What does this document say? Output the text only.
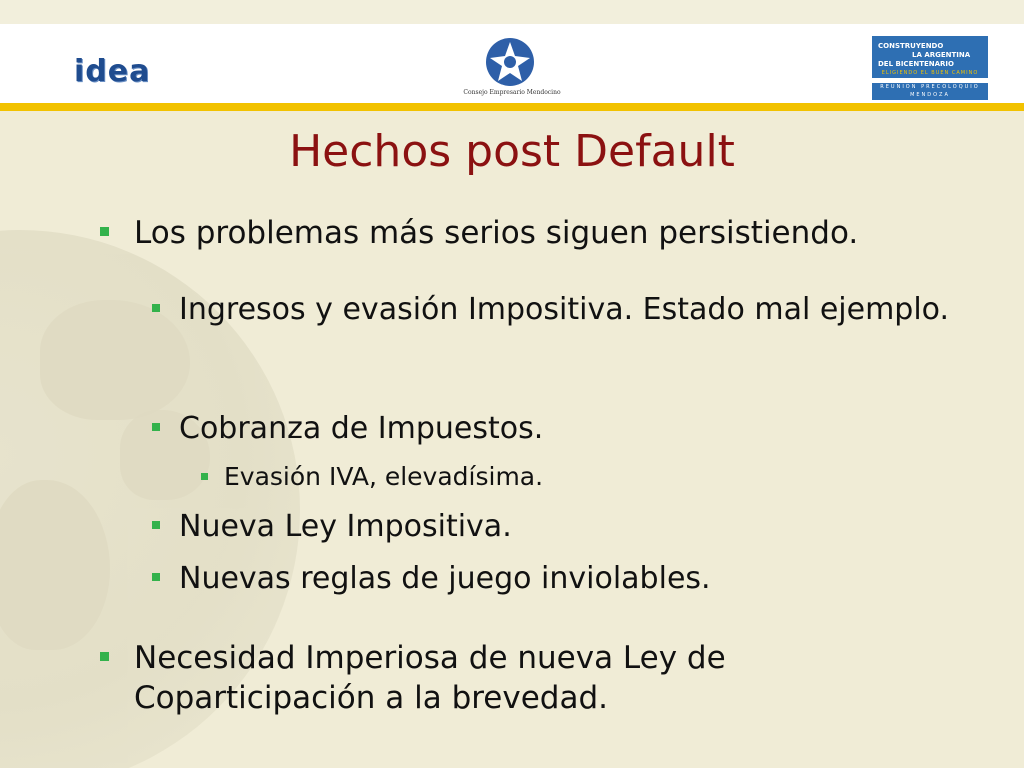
idea
Consejo Empresario Mendocino
CONSTRUYENDO
LA ARGENTINA
DEL BICENTENARIO
ELIGIENDO EL BUEN CAMINO
REUNION PRECOLOQUIO
MENDOZA
Hechos post Default
Los problemas más serios siguen persistiendo.
Ingresos y evasión Impositiva. Estado mal ejemplo.
Cobranza de Impuestos.
Evasión IVA, elevadísima.
Nueva Ley Impositiva.
Nuevas reglas de juego inviolables.
Necesidad Imperiosa de nueva Ley de Coparticipación a la brevedad.
